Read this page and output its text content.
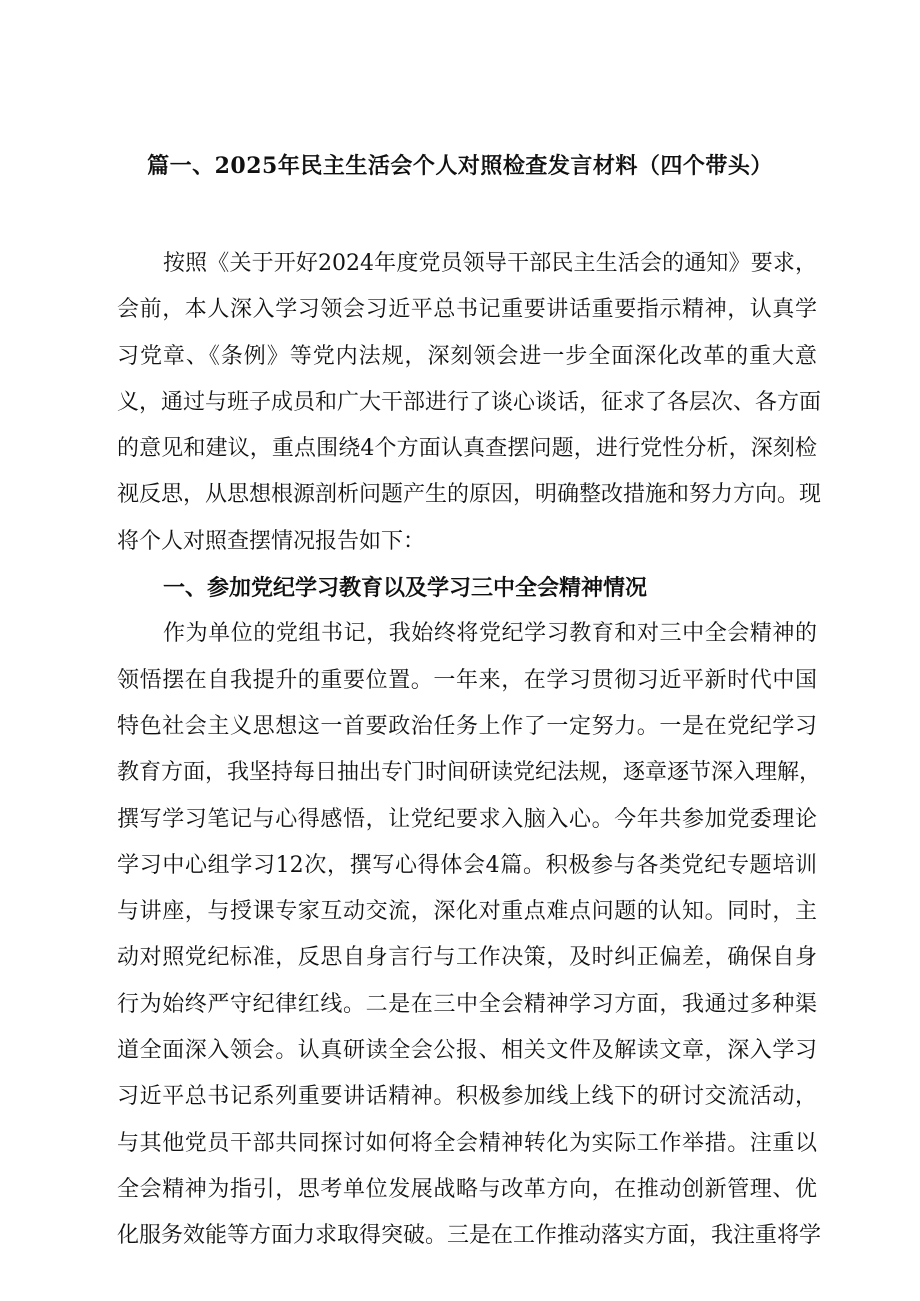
篇一、2025年民主生活会个人对照检查发言材料（四个带头）
按照《关于开好2024年度党员领导干部民主生活会的通知》要求，
会前，本人深入学习领会习近平总书记重要讲话重要指示精神，认真学
习党章、《条例》等党内法规，深刻领会进一步全面深化改革的重大意
义，通过与班子成员和广大干部进行了谈心谈话，征求了各层次、各方面
的意见和建议，重点围绕4个方面认真查摆问题，进行党性分析，深刻检
视反思，从思想根源剖析问题产生的原因，明确整改措施和努力方向。现
将个人对照查摆情况报告如下：
一、参加党纪学习教育以及学习三中全会精神情况
作为单位的党组书记，我始终将党纪学习教育和对三中全会精神的
领悟摆在自我提升的重要位置。一年来，在学习贯彻习近平新时代中国
特色社会主义思想这一首要政治任务上作了一定努力。一是在党纪学习
教育方面，我坚持每日抽出专门时间研读党纪法规，逐章逐节深入理解，
撰写学习笔记与心得感悟，让党纪要求入脑入心。今年共参加党委理论
学习中心组学习12次，撰写心得体会4篇。积极参与各类党纪专题培训
与讲座，与授课专家互动交流，深化对重点难点问题的认知。同时，主
动对照党纪标准，反思自身言行与工作决策，及时纠正偏差，确保自身
行为始终严守纪律红线。二是在三中全会精神学习方面，我通过多种渠
道全面深入领会。认真研读全会公报、相关文件及解读文章，深入学习
习近平总书记系列重要讲话精神。积极参加线上线下的研讨交流活动，
与其他党员干部共同探讨如何将全会精神转化为实际工作举措。注重以
全会精神为指引，思考单位发展战略与改革方向，在推动创新管理、优
化服务效能等方面力求取得突破。三是在工作推动落实方面，我注重将学
